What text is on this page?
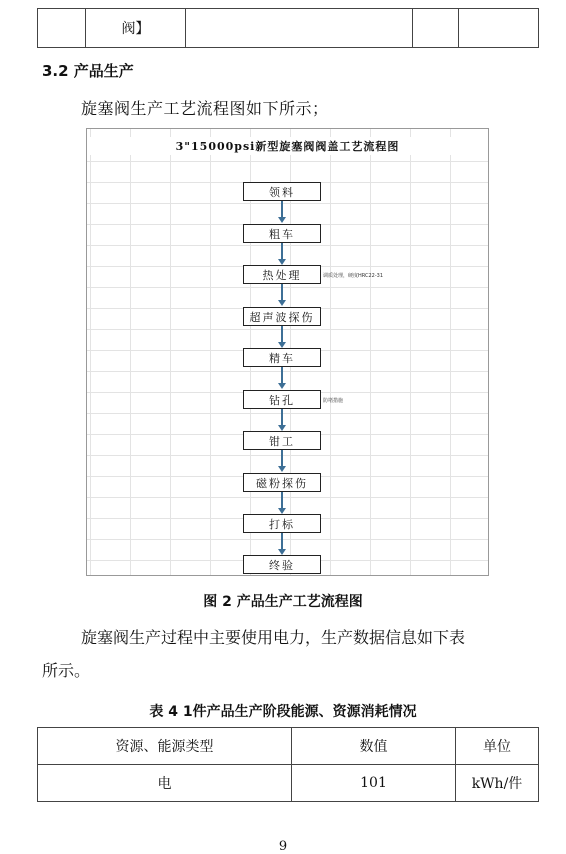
	阀】			
3.2 产品生产
旋塞阀生产工艺流程图如下所示；
3"15000psi新型旋塞阀阀盖工艺流程图
领料
粗车
热处理	调质处理，硬度HRC22-31
超声波探伤
精车
钻孔	防堵措施
钳工
磁粉探伤
打标
终验
图 2 产品生产工艺流程图
旋塞阀生产过程中主要使用电力，生产数据信息如下表
所示。
表 4 1件产品生产阶段能源、资源消耗情况
资源、能源类型	数值	单位
电	101	kWh/件
9
